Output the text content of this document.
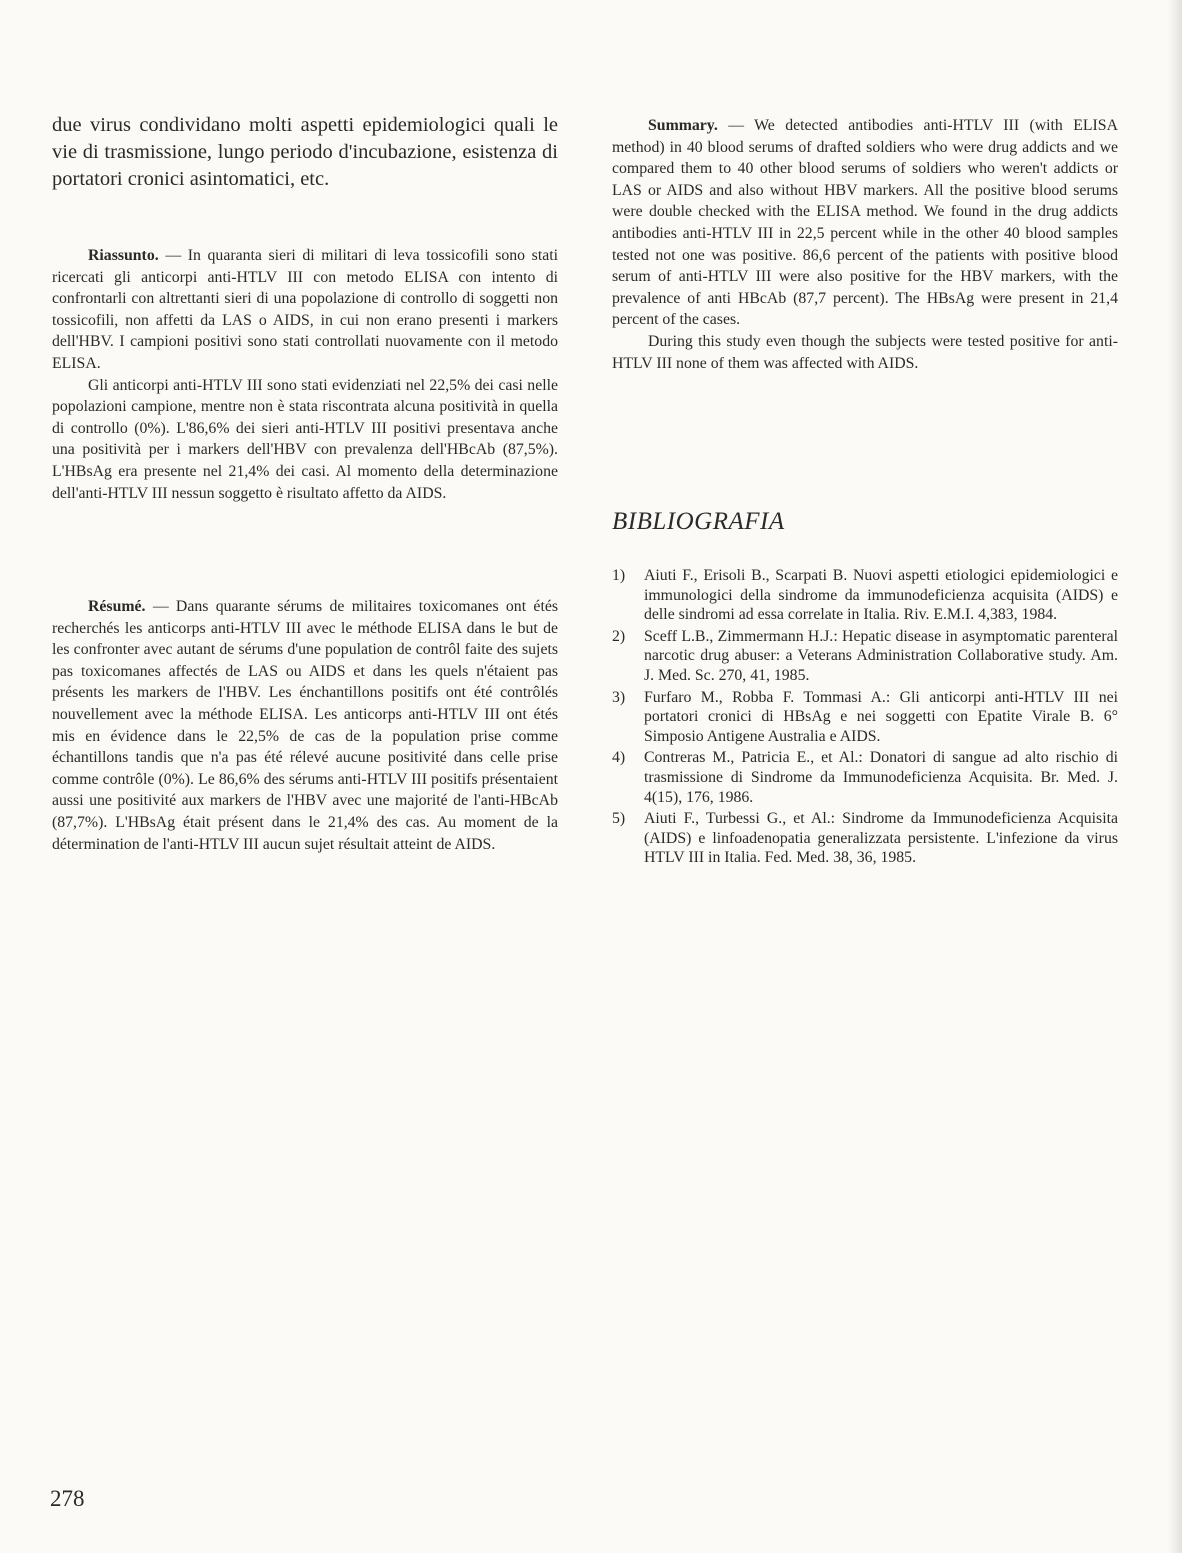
due virus condividano molti aspetti epidemiologici quali le vie di trasmissione, lungo periodo d'incubazione, esistenza di portatori cronici asintomatici, etc.

Riassunto. — In quaranta sieri di militari di leva tossicofili sono stati ricercati gli anticorpi anti-HTLV III con metodo ELISA con intento di confrontarli con altrettanti sieri di una popolazione di controllo di soggetti non tossicofili, non affetti da LAS o AIDS, in cui non erano presenti i markers dell'HBV. I campioni positivi sono stati controllati nuovamente con il metodo ELISA.

Gli anticorpi anti-HTLV III sono stati evidenziati nel 22,5% dei casi nelle popolazioni campione, mentre non è stata riscontrata alcuna positività in quella di controllo (0%). L'86,6% dei sieri anti-HTLV III positivi presentava anche una positività per i markers dell'HBV con prevalenza dell'HBcAb (87,5%). L'HBsAg era presente nel 21,4% dei casi. Al momento della determinazione dell'anti-HTLV III nessun soggetto è risultato affetto da AIDS.

Résumé. — Dans quarante sérums de militaires toxicomanes ont étés recherchés les anticorps anti-HTLV III avec le méthode ELISA dans le but de les confronter avec autant de sérums d'une population de contrôl faite des sujets pas toxicomanes affectés de LAS ou AIDS et dans les quels n'étaient pas présents les markers de l'HBV. Les énchantillons positifs ont été contrôlés nouvellement avec la méthode ELISA. Les anticorps anti-HTLV III ont étés mis en évidence dans le 22,5% de cas de la population prise comme échantillons tandis que n'a pas été rélevé aucune positivité dans celle prise comme contrôle (0%). Le 86,6% des sérums anti-HTLV III positifs présentaient aussi une positivité aux markers de l'HBV avec une majorité de l'anti-HBcAb (87,7%). L'HBsAg était présent dans le 21,4% des cas. Au moment de la détermination de l'anti-HTLV III aucun sujet résultait atteint de AIDS.

Summary. — We detected antibodies anti-HTLV III (with ELISA method) in 40 blood serums of drafted soldiers who were drug addicts and we compared them to 40 other blood serums of soldiers who weren't addicts or LAS or AIDS and also without HBV markers. All the positive blood serums were double checked with the ELISA method. We found in the drug addicts antibodies anti-HTLV III in 22,5 percent while in the other 40 blood samples tested not one was positive. 86,6 percent of the patients with positive blood serum of anti-HTLV III were also positive for the HBV markers, with the prevalence of anti HBcAb (87,7 percent). The HBsAg were present in 21,4 percent of the cases.

During this study even though the subjects were tested positive for anti-HTLV III none of them was affected with AIDS.

BIBLIOGRAFIA
1)	Aiuti F., Erisoli B., Scarpati B. Nuovi aspetti etiologici epidemiologici e immunologici della sindrome da immunodeficienza acquisita (AIDS) e delle sindromi ad essa correlate in Italia. Riv. E.M.I. 4,383, 1984.
2)	Sceff L.B., Zimmermann H.J.: Hepatic disease in asymptomatic parenteral narcotic drug abuser: a Veterans Administration Collaborative study. Am. J. Med. Sc. 270, 41, 1985.
3)	Furfaro M., Robba F. Tommasi A.: Gli anticorpi anti-HTLV III nei portatori cronici di HBsAg e nei soggetti con Epatite Virale B. 6° Simposio Antigene Australia e AIDS.
4)	Contreras M., Patricia E., et Al.: Donatori di sangue ad alto rischio di trasmissione di Sindrome da Immunodeficienza Acquisita. Br. Med. J. 4(15), 176, 1986.
5)	Aiuti F., Turbessi G., et Al.: Sindrome da Immunodeficienza Acquisita (AIDS) e linfoadenopatia generalizzata persistente. L'infezione da virus HTLV III in Italia. Fed. Med. 38, 36, 1985.
278
